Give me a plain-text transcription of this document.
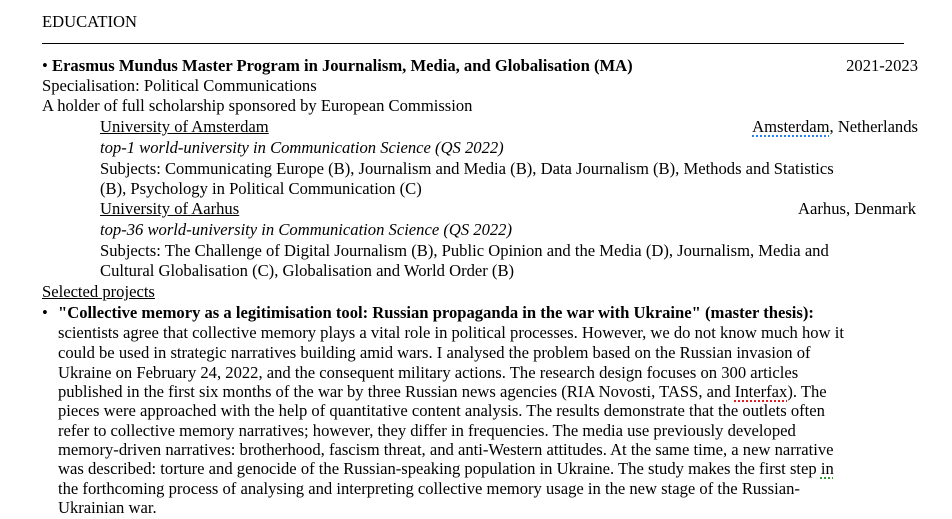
EDUCATION
• Erasmus Mundus Master Program in Journalism, Media, and Globalisation (MA)	2021-2023
Specialisation: Political Communications
A holder of full scholarship sponsored by European Commission
University of Amsterdam	Amsterdam, Netherlands
top-1 world-university in Communication Science (QS 2022)
Subjects: Communicating Europe (B), Journalism and Media (B), Data Journalism (B), Methods and Statistics
(B), Psychology in Political Communication (C)
University of Aarhus	Aarhus, Denmark
top-36 world-university in Communication Science (QS 2022)
Subjects: The Challenge of Digital Journalism (B), Public Opinion and the Media (D), Journalism, Media and
Cultural Globalisation (C), Globalisation and World Order (B)
Selected projects
• "Collective memory as a legitimisation tool: Russian propaganda in the war with Ukraine" (master thesis):
scientists agree that collective memory plays a vital role in political processes. However, we do not know much how it
could be used in strategic narratives building amid wars. I analysed the problem based on the Russian invasion of
Ukraine on February 24, 2022, and the consequent military actions. The research design focuses on 300 articles
published in the first six months of the war by three Russian news agencies (RIA Novosti, TASS, and Interfax). The
pieces were approached with the help of quantitative content analysis. The results demonstrate that the outlets often
refer to collective memory narratives; however, they differ in frequencies. The media use previously developed
memory-driven narratives: brotherhood, fascism threat, and anti-Western attitudes. At the same time, a new narrative
was described: torture and genocide of the Russian-speaking population in Ukraine. The study makes the first step in
the forthcoming process of analysing and interpreting collective memory usage in the new stage of the Russian-
Ukrainian war.
